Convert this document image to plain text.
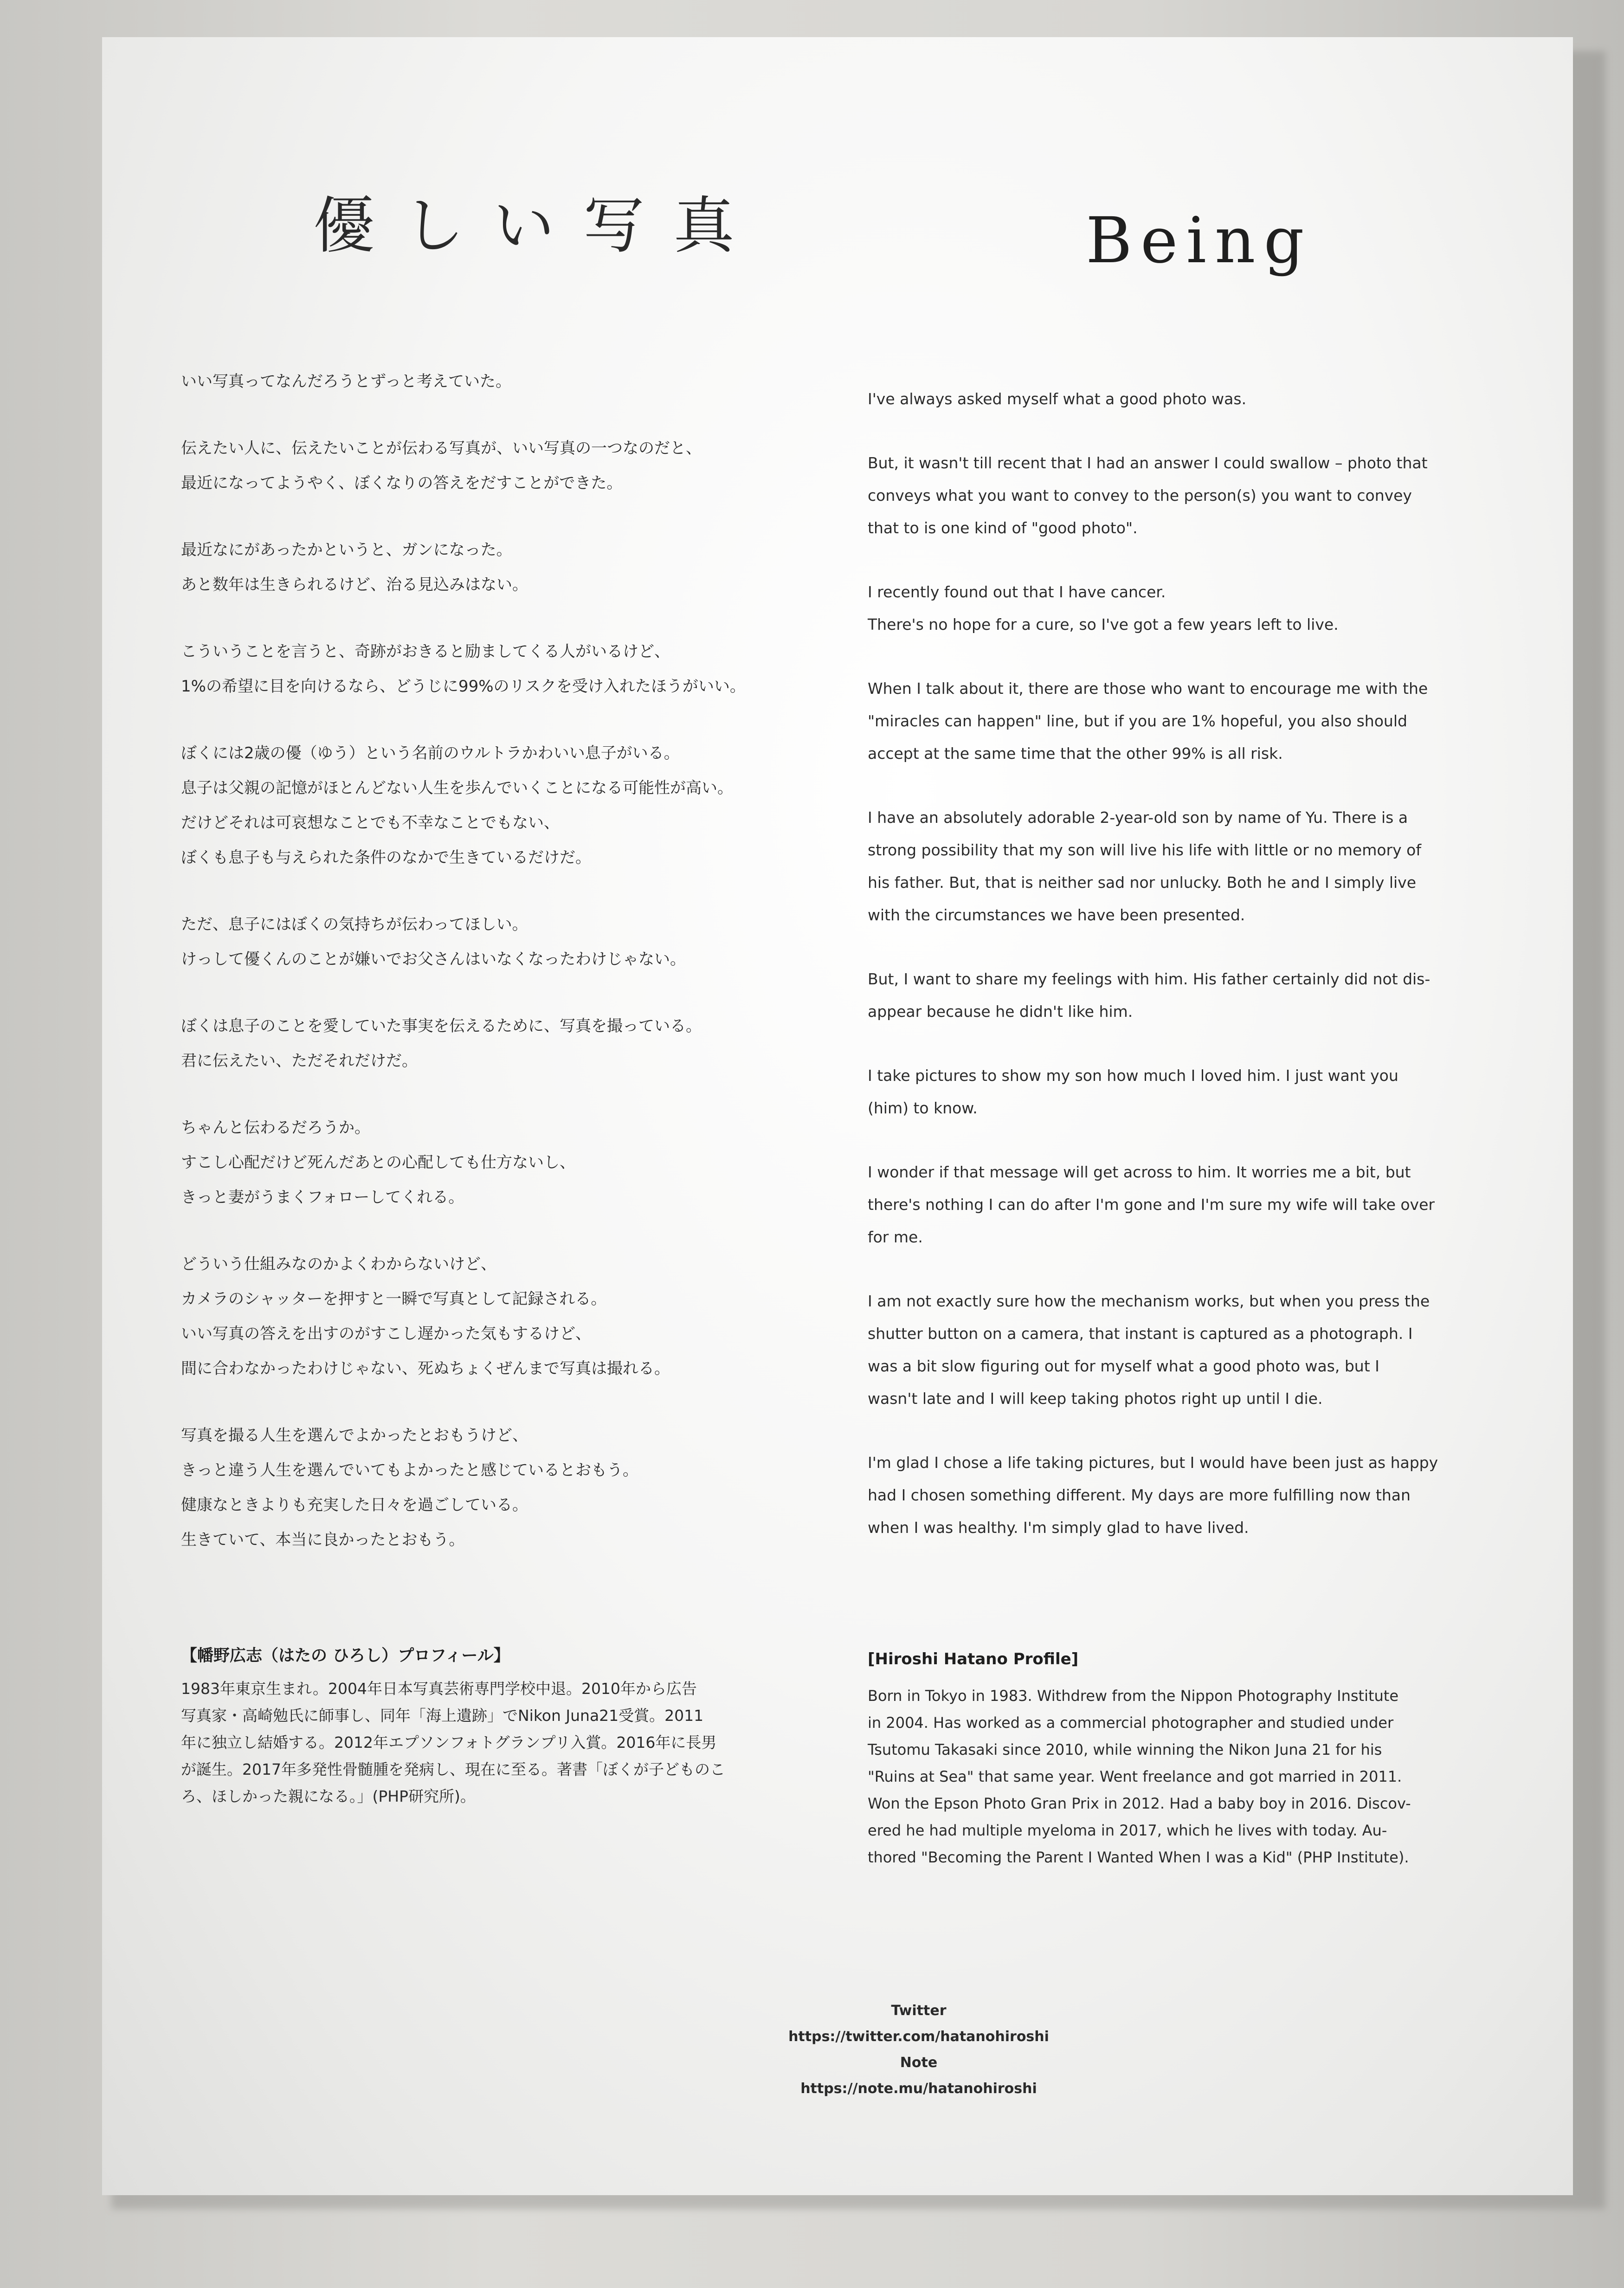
優しい写真	Being

いい写真ってなんだろうとずっと考えていた。

伝えたい人に、伝えたいことが伝わる写真が、いい写真の一つなのだと、
最近になってようやく、ぼくなりの答えをだすことができた。

最近なにがあったかというと、ガンになった。
あと数年は生きられるけど、治る見込みはない。

こういうことを言うと、奇跡がおきると励ましてくる人がいるけど、
1%の希望に目を向けるなら、どうじに99%のリスクを受け入れたほうがいい。

ぼくには2歳の優（ゆう）という名前のウルトラかわいい息子がいる。
息子は父親の記憶がほとんどない人生を歩んでいくことになる可能性が高い。
だけどそれは可哀想なことでも不幸なことでもない、
ぼくも息子も与えられた条件のなかで生きているだけだ。

ただ、息子にはぼくの気持ちが伝わってほしい。
けっして優くんのことが嫌いでお父さんはいなくなったわけじゃない。

ぼくは息子のことを愛していた事実を伝えるために、写真を撮っている。
君に伝えたい、ただそれだけだ。

ちゃんと伝わるだろうか。
すこし心配だけど死んだあとの心配しても仕方ないし、
きっと妻がうまくフォローしてくれる。

どういう仕組みなのかよくわからないけど、
カメラのシャッターを押すと一瞬で写真として記録される。
いい写真の答えを出すのがすこし遅かった気もするけど、
間に合わなかったわけじゃない、死ぬちょくぜんまで写真は撮れる。

写真を撮る人生を選んでよかったとおもうけど、
きっと違う人生を選んでいてもよかったと感じているとおもう。
健康なときよりも充実した日々を過ごしている。
生きていて、本当に良かったとおもう。

I've always asked myself what a good photo was.

But, it wasn't till recent that I had an answer I could swallow – photo that
conveys what you want to convey to the person(s) you want to convey
that to is one kind of "good photo".

I recently found out that I have cancer.
There's no hope for a cure, so I've got a few years left to live.

When I talk about it, there are those who want to encourage me with the
"miracles can happen" line, but if you are 1% hopeful, you also should
accept at the same time that the other 99% is all risk.

I have an absolutely adorable 2-year-old son by name of Yu. There is a
strong possibility that my son will live his life with little or no memory of
his father. But, that is neither sad nor unlucky. Both he and I simply live
with the circumstances we have been presented.

But, I want to share my feelings with him. His father certainly did not dis-
appear because he didn't like him.

I take pictures to show my son how much I loved him. I just want you
(him) to know.

I wonder if that message will get across to him. It worries me a bit, but
there's nothing I can do after I'm gone and I'm sure my wife will take over
for me.

I am not exactly sure how the mechanism works, but when you press the
shutter button on a camera, that instant is captured as a photograph. I
was a bit slow figuring out for myself what a good photo was, but I
wasn't late and I will keep taking photos right up until I die.

I'm glad I chose a life taking pictures, but I would have been just as happy
had I chosen something different. My days are more fulfilling now than
when I was healthy. I'm simply glad to have lived.

【幡野広志（はたの ひろし）プロフィール】
1983年東京生まれ。2004年日本写真芸術専門学校中退。2010年から広告
写真家・高崎勉氏に師事し、同年「海上遺跡」でNikon Juna21受賞。2011
年に独立し結婚する。2012年エプソンフォトグランプリ入賞。2016年に長男
が誕生。2017年多発性骨髄腫を発病し、現在に至る。著書「ぼくが子どものこ
ろ、ほしかった親になる。」(PHP研究所)。
[Hiroshi Hatano Profile]
Born in Tokyo in 1983. Withdrew from the Nippon Photography Institute
in 2004. Has worked as a commercial photographer and studied under
Tsutomu Takasaki since 2010, while winning the Nikon Juna 21 for his
"Ruins at Sea" that same year. Went freelance and got married in 2011.
Won the Epson Photo Gran Prix in 2012. Had a baby boy in 2016. Discov-
ered he had multiple myeloma in 2017, which he lives with today. Au-
thored "Becoming the Parent I Wanted When I was a Kid" (PHP Institute).
Twitter
https://twitter.com/hatanohiroshi
Note
https://note.mu/hatanohiroshi
